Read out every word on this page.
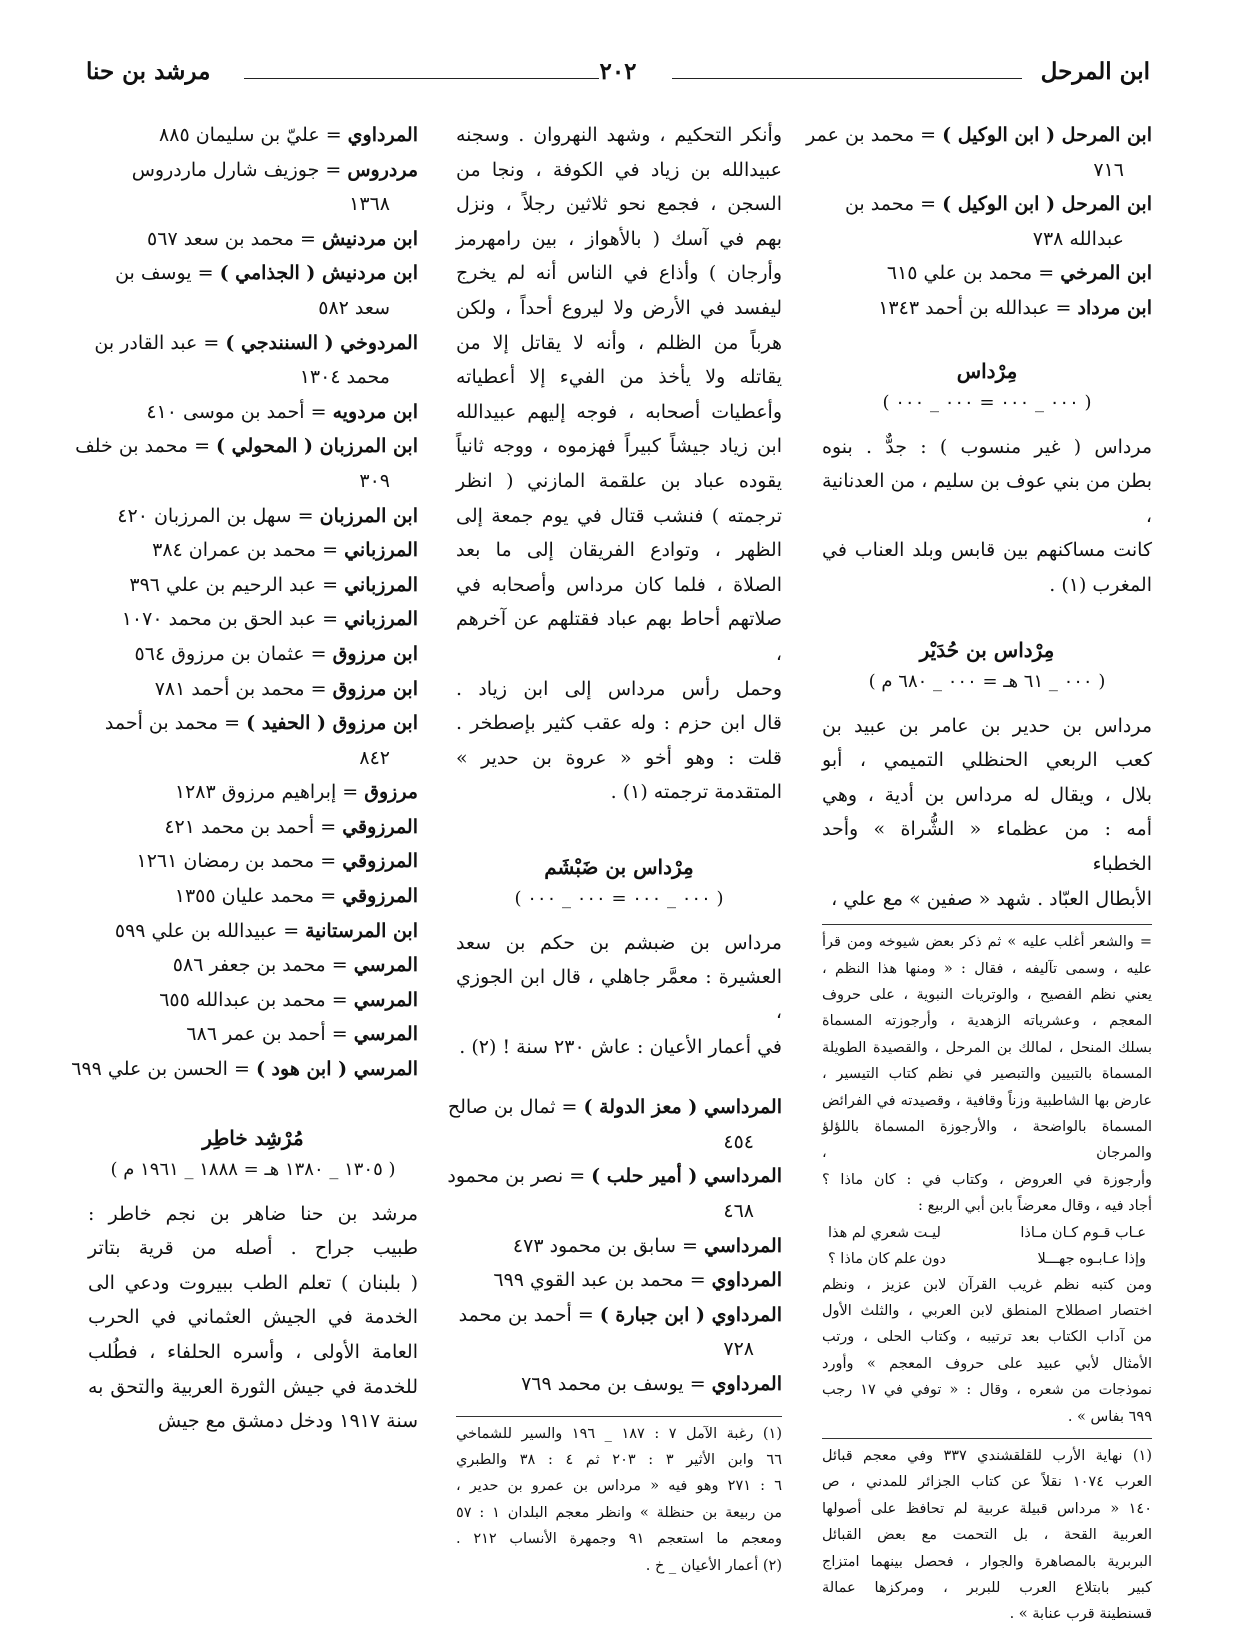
ابن المرحل
٢٠٢
مرشد بن حنا
ابن المرحل ( ابن الوكيل ) = محمد بن عمر
٧١٦
ابن المرحل ( ابن الوكيل ) = محمد بن
عبدالله ٧٣٨
ابن المرخي = محمد بن علي ٦١٥
ابن مرداد = عبدالله بن أحمد ١٣٤٣
مِرْداس
( ٠٠٠ _ ٠٠٠ = ٠٠٠ _ ٠٠٠ )
مرداس ( غير منسوب ) : جدٌّ . بنوه
بطن من بني عوف بن سليم ، من العدنانية ،
كانت مساكنهم بين قابس وبلد العناب في
المغرب (١) .
مِرْداس بن حُدَيْر
( ٠٠٠ _ ٦١ هـ = ٠٠٠ _ ٦٨٠ م )
مرداس بن حدير بن عامر بن عبيد بن
كعب الربعي الحنظلي التميمي ، أبو
بلال ، ويقال له مرداس بن أدية ، وهي
أمه : من عظماء « الشُّراة » وأحد الخطباء
الأبطال العبّاد . شهد « صفين » مع علي ،
= والشعر أغلب عليه » ثم ذكر بعض شيوخه ومن قرأ
عليه ، وسمى تآليفه ، فقال : « ومنها هذا النظم ،
يعني نظم الفصيح ، والوتريات النبوية ، على حروف
المعجم ، وعشرياته الزهدية ، وأرجوزته المسماة
بسلك المنحل ، لمالك بن المرحل ، والقصيدة الطويلة
المسماة بالتبيين والتبصير في نظم كتاب التيسير ،
عارض بها الشاطبية وزناً وقافية ، وقصيدته في الفرائض
المسماة بالواضحة ، والأرجوزة المسماة باللؤلؤ والمرجان ،
وأرجوزة في العروض ، وكتاب في : كان ماذا ؟
أجاد فيه ، وقال معرضاً بابن أبي الربيع :
عـاب قـوم كـان مـاذا
ليـت شعري لم هذا
وإذا عـابـوه جهـــلا
دون علم كان ماذا ؟
ومن كتبه نظم غريب القرآن لابن عزيز ، ونظم
اختصار اصطلاح المنطق لابن العربي ، والثلث الأول
من آداب الكتاب بعد ترتيبه ، وكتاب الحلى ، ورتب
الأمثال لأبي عبيد على حروف المعجم » وأورد
نموذجات من شعره ، وقال : « توفي في ١٧ رجب
٦٩٩ بفاس » .
(١) نهاية الأرب للقلقشندي ٣٣٧ وفي معجم قبائل
العرب ١٠٧٤ نقلاً عن كتاب الجزائر للمدني ، ص
١٤٠ « مرداس قبيلة عربية لم تحافظ على أصولها
العربية القحة ، بل التحمت مع بعض القبائل
البربرية بالمصاهرة والجوار ، فحصل بينهما امتزاج
كبير بابتلاع العرب للبربر ، ومركزها عمالة
قسنطينة قرب عنابة » .
وأنكر التحكيم ، وشهد النهروان . وسجنه
عبيدالله بن زياد في الكوفة ، ونجا من
السجن ، فجمع نحو ثلاثين رجلاً ، ونزل
بهم في آسك ( بالأهواز ، بين رامهرمز
وأرجان ) وأذاع في الناس أنه لم يخرج
ليفسد في الأرض ولا ليروع أحداً ، ولكن
هرباً من الظلم ، وأنه لا يقاتل إلا من
يقاتله ولا يأخذ من الفيء إلا أعطياته
وأعطيات أصحابه ، فوجه إليهم عبيدالله
ابن زياد جيشاً كبيراً فهزموه ، ووجه ثانياً
يقوده عباد بن علقمة المازني ( انظر
ترجمته ) فنشب قتال في يوم جمعة إلى
الظهر ، وتوادع الفريقان إلى ما بعد
الصلاة ، فلما كان مرداس وأصحابه في
صلاتهم أحاط بهم عباد فقتلهم عن آخرهم ،
وحمل رأس مرداس إلى ابن زياد .
قال ابن حزم : وله عقب كثير بإصطخر .
قلت : وهو أخو « عروة بن حدير »
المتقدمة ترجمته (١) .
مِرْداس بن ضَبْشَم
( ٠٠٠ _ ٠٠٠ = ٠٠٠ _ ٠٠٠ )
مرداس بن ضبشم بن حكم بن سعد
العشيرة : معمَّر جاهلي ، قال ابن الجوزي ،
في أعمار الأعيان : عاش ٢٣٠ سنة ! (٢) .
المرداسي ( معز الدولة ) = ثمال بن صالح
٤٥٤
المرداسي ( أمير حلب ) = نصر بن محمود
٤٦٨
المرداسي = سابق بن محمود ٤٧٣
المرداوي = محمد بن عبد القوي ٦٩٩
المرداوي ( ابن جبارة ) = أحمد بن محمد
٧٢٨
المرداوي = يوسف بن محمد ٧٦٩
(١) رغبة الآمل ٧ : ١٨٧ _ ١٩٦ والسير للشماخي
٦٦ وابن الأثير ٣ : ٢٠٣ ثم ٤ : ٣٨ والطبري
٦ : ٢٧١ وهو فيه « مرداس بن عمرو بن حدير ،
من ربيعة بن حنظلة » وانظر معجم البلدان ١ : ٥٧
ومعجم ما استعجم ٩١ وجمهرة الأنساب ٢١٢ .
(٢) أعمار الأعيان _ خ .
المرداوي = عليّ بن سليمان ٨٨٥
مردروس = جوزيف شارل ماردروس
١٣٦٨
ابن مردنيش = محمد بن سعد ٥٦٧
ابن مردنيش ( الجذامي ) = يوسف بن
سعد ٥٨٢
المردوخي ( السنندجي ) = عبد القادر بن
محمد ١٣٠٤
ابن مردويه = أحمد بن موسى ٤١٠
ابن المرزبان ( المحولي ) = محمد بن خلف
٣٠٩
ابن المرزبان = سهل بن المرزبان ٤٢٠
المرزباني = محمد بن عمران ٣٨٤
المرزباني = عبد الرحيم بن علي ٣٩٦
المرزباني = عبد الحق بن محمد ١٠٧٠
ابن مرزوق = عثمان بن مرزوق ٥٦٤
ابن مرزوق = محمد بن أحمد ٧٨١
ابن مرزوق ( الحفيد ) = محمد بن أحمد
٨٤٢
مرزوق = إبراهيم مرزوق ١٢٨٣
المرزوقي = أحمد بن محمد ٤٢١
المرزوقي = محمد بن رمضان ١٢٦١
المرزوقي = محمد عليان ١٣٥٥
ابن المرستانية = عبيدالله بن علي ٥٩٩
المرسي = محمد بن جعفر ٥٨٦
المرسي = محمد بن عبدالله ٦٥٥
المرسي = أحمد بن عمر ٦٨٦
المرسي ( ابن هود ) = الحسن بن علي ٦٩٩
مُرْشِد خاطِر
( ١٣٠٥ _ ١٣٨٠ هـ = ١٨٨٨ _ ١٩٦١ م )
مرشد بن حنا ضاهر بن نجم خاطر :
طبيب جراح . أصله من قرية بتاتر
( بلبنان ) تعلم الطب ببيروت ودعي الى
الخدمة في الجيش العثماني في الحرب
العامة الأولى ، وأسره الحلفاء ، فطُلب
للخدمة في جيش الثورة العربية والتحق به
سنة ١٩١٧ ودخل دمشق مع جيش
